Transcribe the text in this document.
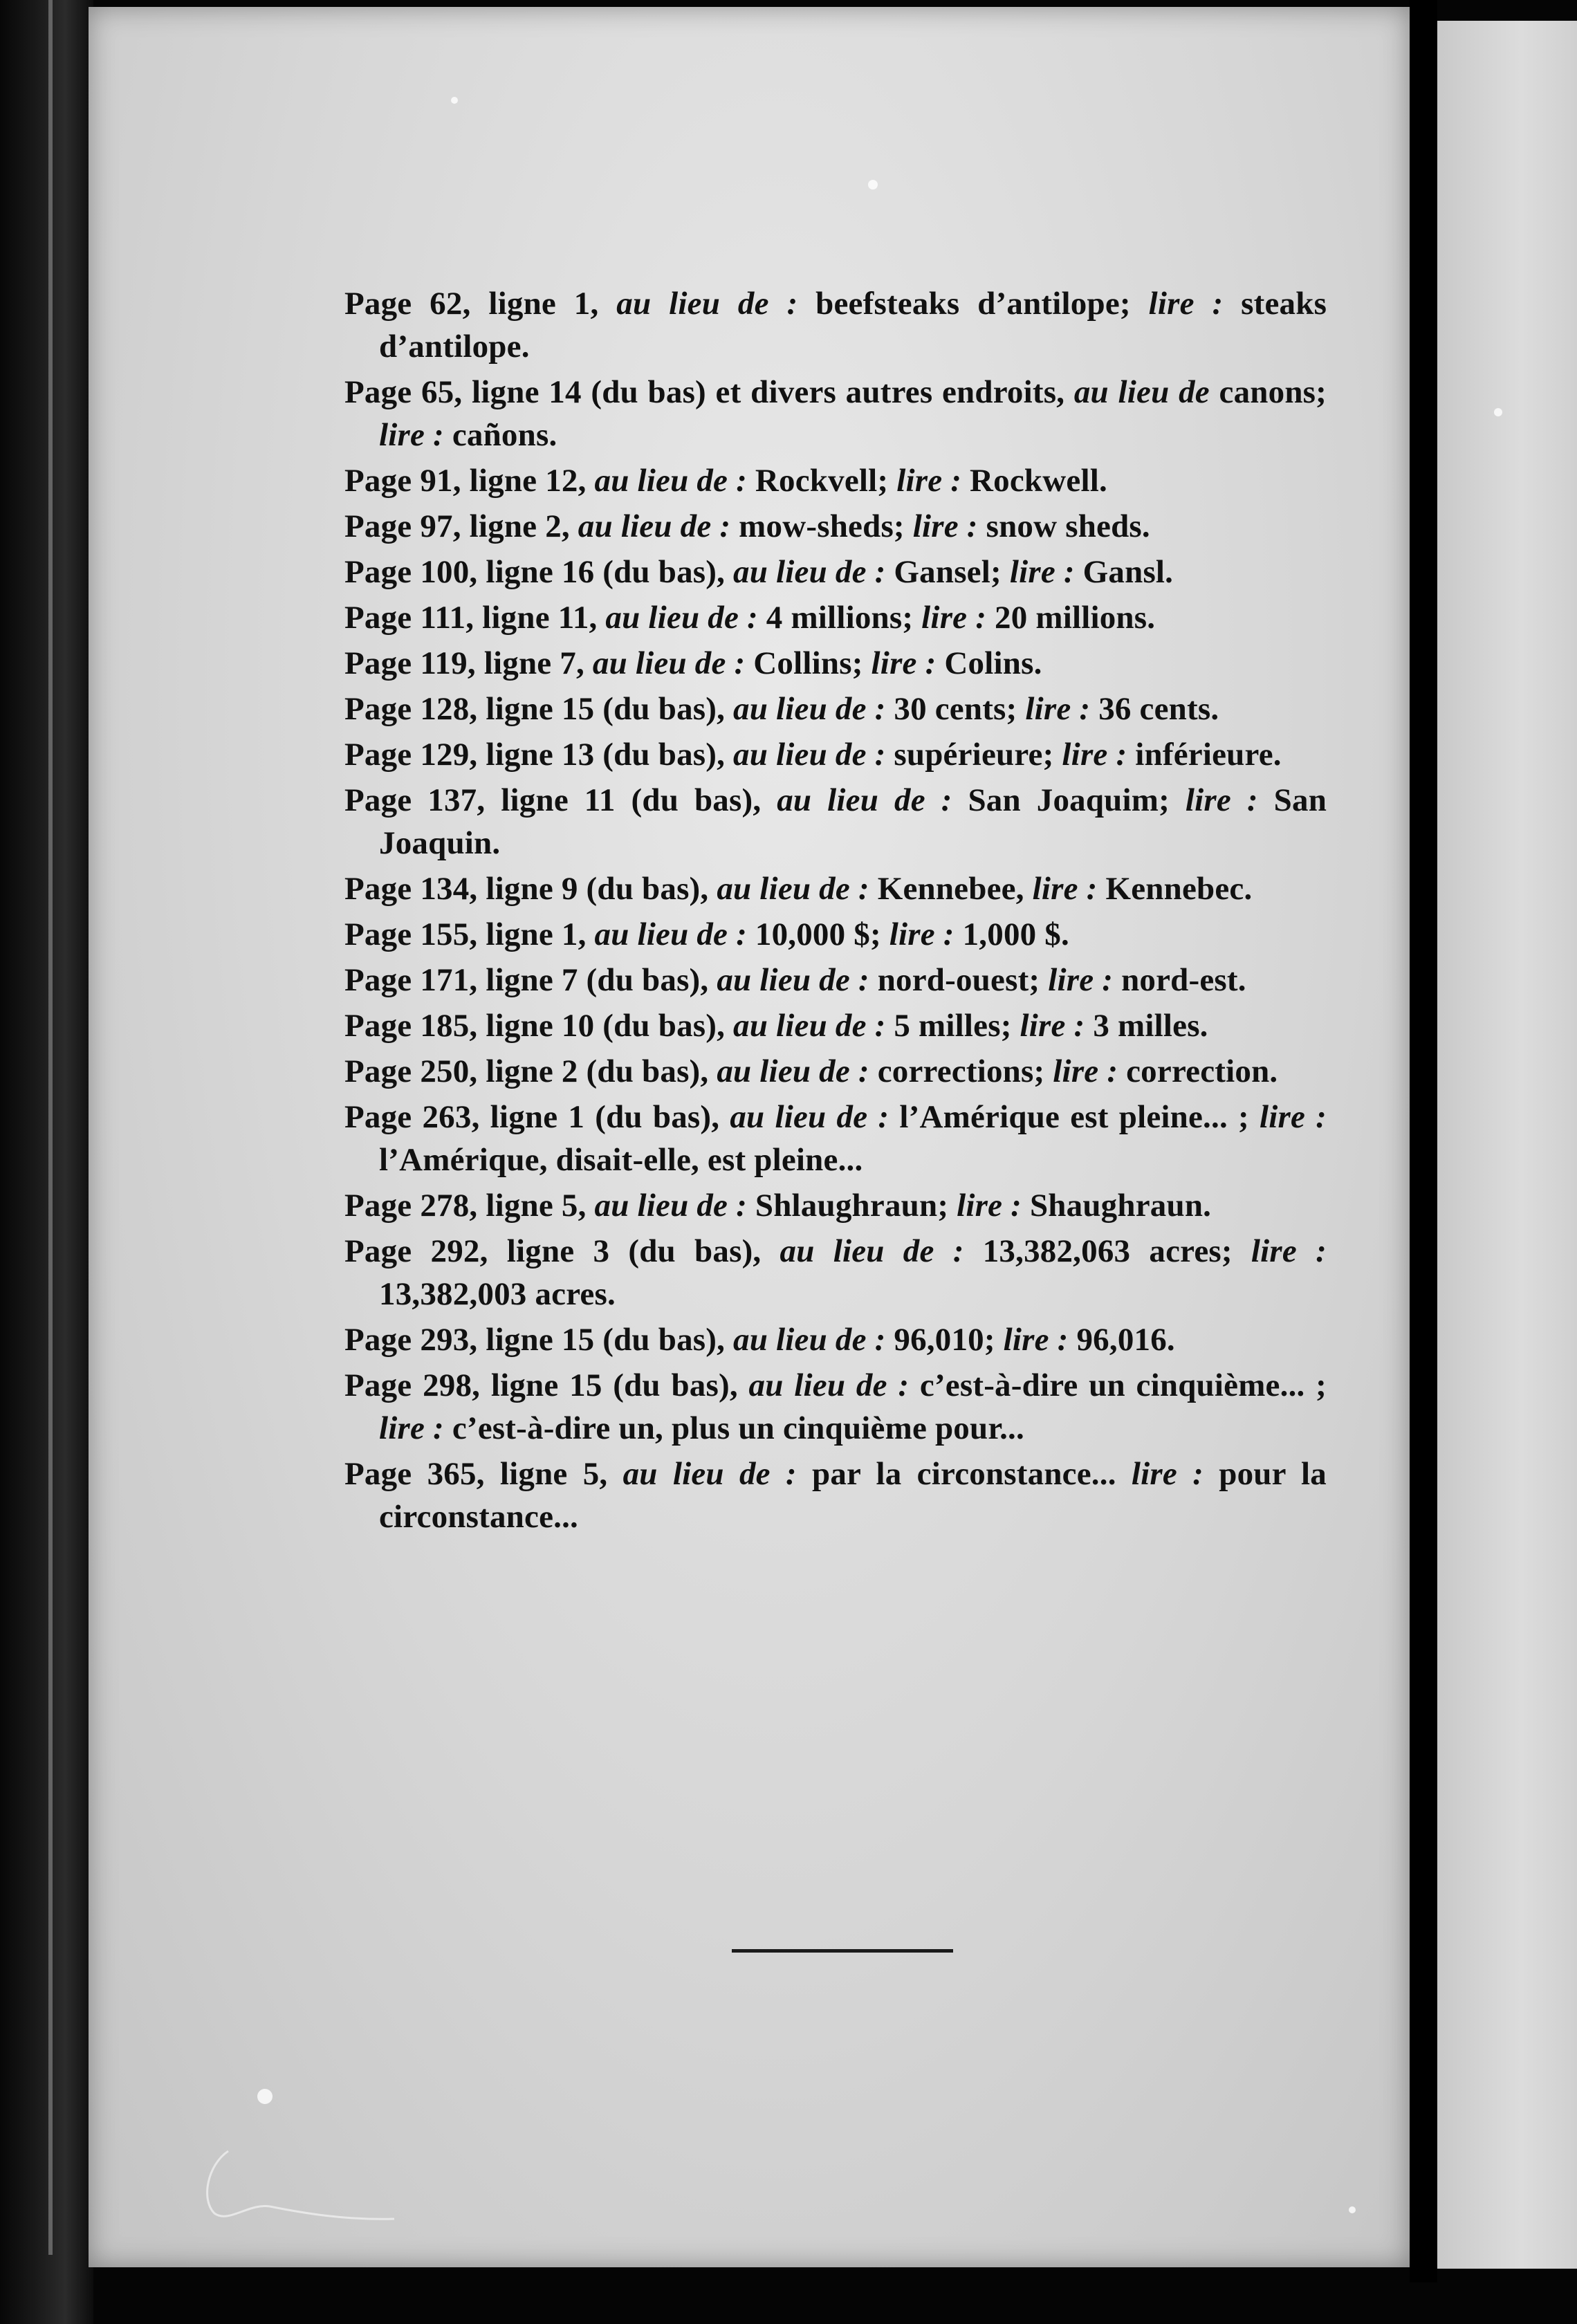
Page 62, ligne 1, au lieu de : beefsteaks d’antilope; lire : steaks d’antilope.
Page 65, ligne 14 (du bas) et divers autres endroits, au lieu de canons; lire : cañons.
Page 91, ligne 12, au lieu de : Rockvell; lire : Rockwell.
Page 97, ligne 2, au lieu de : mow-sheds; lire : snow sheds.
Page 100, ligne 16 (du bas), au lieu de : Gansel; lire : Gansl.
Page 111, ligne 11, au lieu de : 4 millions; lire : 20 millions.
Page 119, ligne 7, au lieu de : Collins; lire : Colins.
Page 128, ligne 15 (du bas), au lieu de : 30 cents; lire : 36 cents.
Page 129, ligne 13 (du bas), au lieu de : supérieure; lire : inférieure.
Page 137, ligne 11 (du bas), au lieu de : San Joaquim; lire : San Joaquin.
Page 134, ligne 9 (du bas), au lieu de : Kennebee, lire : Kennebec.
Page 155, ligne 1, au lieu de : 10,000 $; lire : 1,000 $.
Page 171, ligne 7 (du bas), au lieu de : nord-ouest; lire : nord-est.
Page 185, ligne 10 (du bas), au lieu de : 5 milles; lire : 3 milles.
Page 250, ligne 2 (du bas), au lieu de : corrections; lire : correction.
Page 263, ligne 1 (du bas), au lieu de : l’Amérique est pleine... ; lire : l’Amérique, disait-elle, est pleine...
Page 278, ligne 5, au lieu de : Shlaughraun; lire : Shaughraun.
Page 292, ligne 3 (du bas), au lieu de : 13,382,063 acres; lire : 13,382,003 acres.
Page 293, ligne 15 (du bas), au lieu de : 96,010; lire : 96,016.
Page 298, ligne 15 (du bas), au lieu de : c’est-à-dire un cinquième... ; lire : c’est-à-dire un, plus un cinquième pour...
Page 365, ligne 5, au lieu de : par la circonstance... lire : pour la circonstance...
